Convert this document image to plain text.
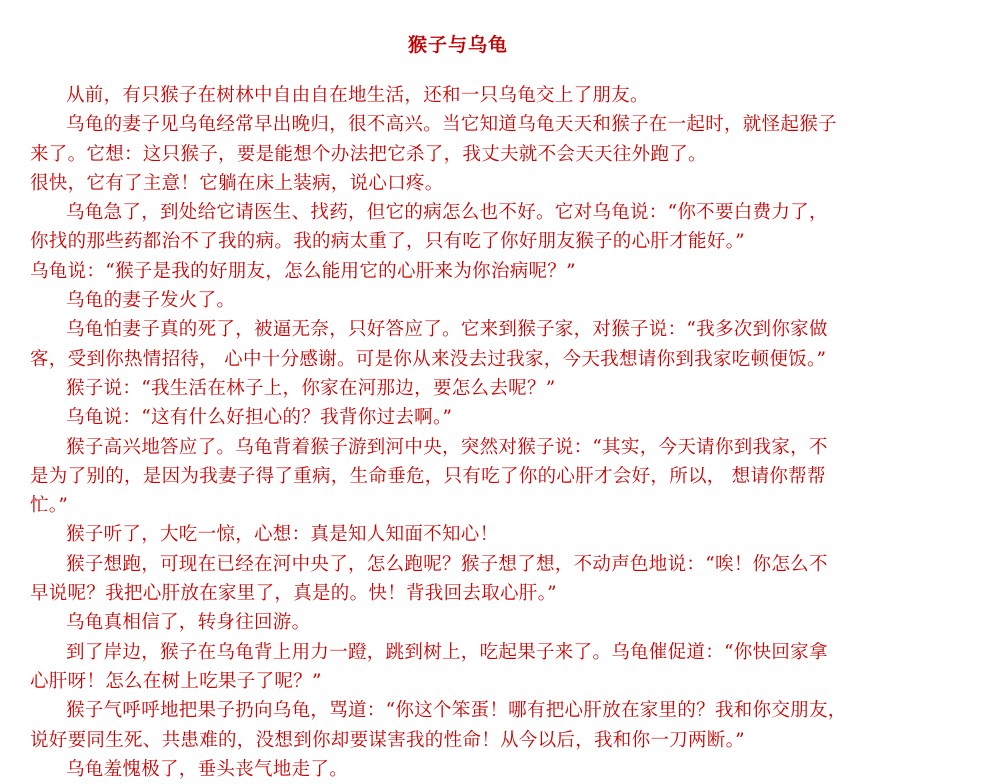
猴子与乌龟
从前，有只猴子在树林中自由自在地生活，还和一只乌龟交上了朋友。
乌龟的妻子见乌龟经常早出晚归，很不高兴。当它知道乌龟天天和猴子在一起时，就怪起猴子
来了。它想：这只猴子，要是能想个办法把它杀了，我丈夫就不会天天往外跑了。
很快，它有了主意！它躺在床上装病，说心口疼。
乌龟急了，到处给它请医生、找药，但它的病怎么也不好。它对乌龟说：“你不要白费力了，
你找的那些药都治不了我的病。我的病太重了，只有吃了你好朋友猴子的心肝才能好。”
乌龟说：“猴子是我的好朋友，怎么能用它的心肝来为你治病呢？”
乌龟的妻子发火了。
乌龟怕妻子真的死了，被逼无奈，只好答应了。它来到猴子家，对猴子说：“我多次到你家做
客，受到你热情招待， 心中十分感谢。可是你从来没去过我家，今天我想请你到我家吃顿便饭。”
猴子说：“我生活在林子上，你家在河那边，要怎么去呢？”
乌龟说：“这有什么好担心的？我背你过去啊。”
猴子高兴地答应了。乌龟背着猴子游到河中央，突然对猴子说：“其实，今天请你到我家，不
是为了别的，是因为我妻子得了重病，生命垂危，只有吃了你的心肝才会好，所以， 想请你帮帮
忙。”
猴子听了，大吃一惊，心想：真是知人知面不知心！
猴子想跑，可现在已经在河中央了，怎么跑呢？猴子想了想，不动声色地说：“唉！你怎么不
早说呢？我把心肝放在家里了，真是的。快！背我回去取心肝。”
乌龟真相信了，转身往回游。
到了岸边，猴子在乌龟背上用力一蹬，跳到树上，吃起果子来了。乌龟催促道：“你快回家拿
心肝呀！怎么在树上吃果子了呢？”
猴子气呼呼地把果子扔向乌龟，骂道：“你这个笨蛋！哪有把心肝放在家里的？我和你交朋友，
说好要同生死、共患难的，没想到你却要谋害我的性命！从今以后，我和你一刀两断。”
乌龟羞愧极了，垂头丧气地走了。
